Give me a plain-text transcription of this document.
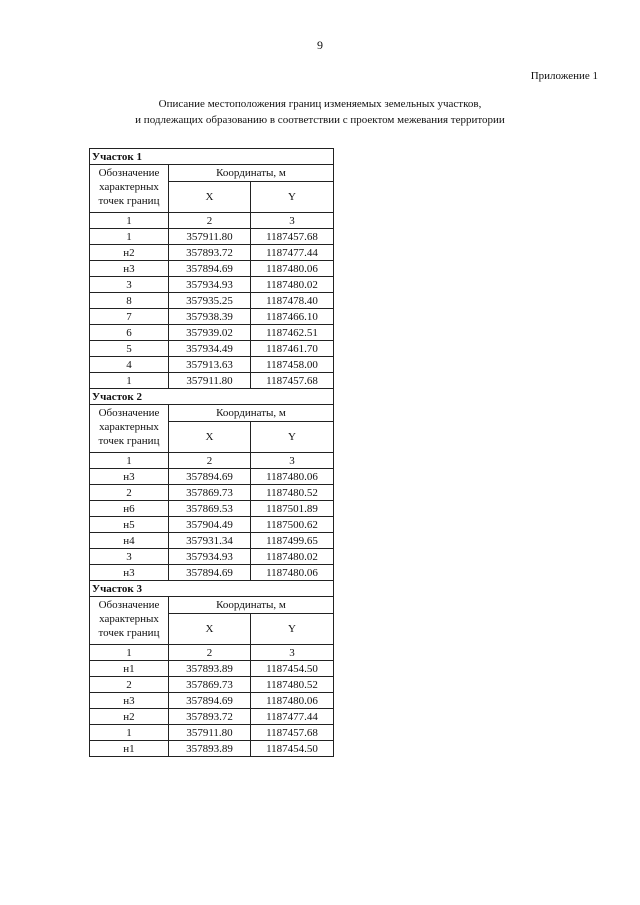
9
Приложение 1
Описание местоположения границ изменяемых земельных участков,
и подлежащих образованию в соответствии с проектом межевания территории
Участок 1		
Обозначение характерных точек границ	Координаты, м	
	X	Y
1	2	3
1	357911.80	1187457.68
н2	357893.72	1187477.44
н3	357894.69	1187480.06
3	357934.93	1187480.02
8	357935.25	1187478.40
7	357938.39	1187466.10
6	357939.02	1187462.51
5	357934.49	1187461.70
4	357913.63	1187458.00
1	357911.80	1187457.68
Участок 2		
Обозначение характерных точек границ	Координаты, м	
	X	Y
1	2	3
н3	357894.69	1187480.06
2	357869.73	1187480.52
н6	357869.53	1187501.89
н5	357904.49	1187500.62
н4	357931.34	1187499.65
3	357934.93	1187480.02
н3	357894.69	1187480.06
Участок 3		
Обозначение характерных точек границ	Координаты, м	
	X	Y
1	2	3
н1	357893.89	1187454.50
2	357869.73	1187480.52
н3	357894.69	1187480.06
н2	357893.72	1187477.44
1	357911.80	1187457.68
н1	357893.89	1187454.50
